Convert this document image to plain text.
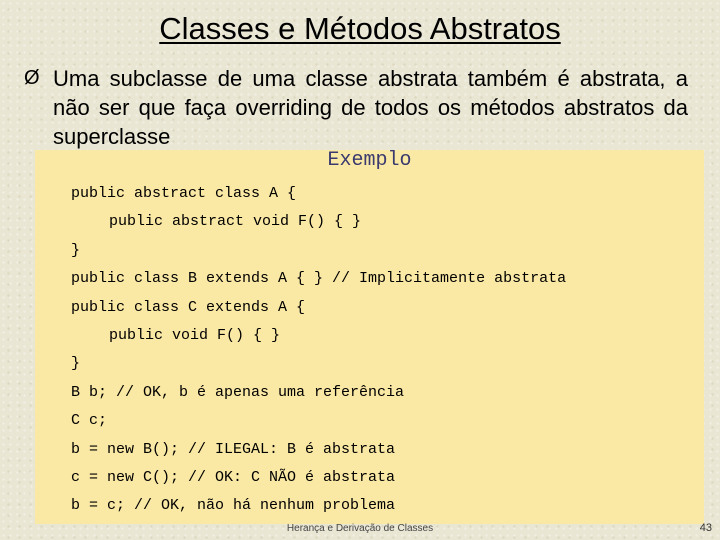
Classes e Métodos Abstratos
Ø Uma subclasse de uma classe abstrata também é abstrata, a não ser que faça overriding de todos os métodos abstratos da superclasse
Exemplo
public abstract class A {
public abstract void F() { }
}
public class B extends A { } // Implicitamente abstrata
public class C extends A {
public void F() { }
}
B b; // OK, b é apenas uma referência
C c;
b = new B(); // ILEGAL: B é abstrata
c = new C(); // OK: C NÃO é abstrata
b = c; // OK, não há nenhum problema
Herança e Derivação de Classes	43
